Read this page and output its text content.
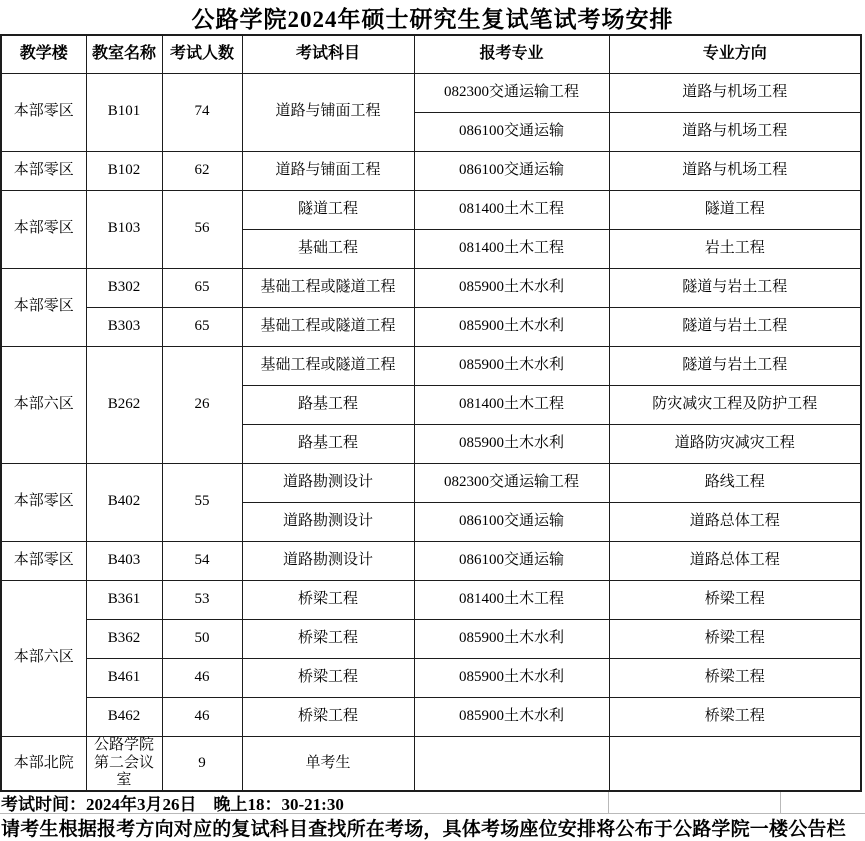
公路学院2024年硕士研究生复试笔试考场安排
教学楼	教室名称	考试人数	考试科目	报考专业	专业方向
本部零区	B101	74	道路与铺面工程	082300交通运输工程	道路与机场工程
				086100交通运输	道路与机场工程
本部零区	B102	62	道路与铺面工程	086100交通运输	道路与机场工程
本部零区	B103	56	隧道工程	081400土木工程	隧道工程
			基础工程	081400土木工程	岩土工程
本部零区	B302	65	基础工程或隧道工程	085900土木水利	隧道与岩土工程
	B303	65	基础工程或隧道工程	085900土木水利	隧道与岩土工程
本部六区	B262	26	基础工程或隧道工程	085900土木水利	隧道与岩土工程
			路基工程	081400土木工程	防灾减灾工程及防护工程
			路基工程	085900土木水利	道路防灾减灾工程
本部零区	B402	55	道路勘测设计	082300交通运输工程	路线工程
			道路勘测设计	086100交通运输	道路总体工程
本部零区	B403	54	道路勘测设计	086100交通运输	道路总体工程
本部六区	B361	53	桥梁工程	081400土木工程	桥梁工程
	B362	50	桥梁工程	085900土木水利	桥梁工程
	B461	46	桥梁工程	085900土木水利	桥梁工程
	B462	46	桥梁工程	085900土木水利	桥梁工程
本部北院	公路学院第二会议室	9	单考生		
考试时间：2024年3月26日　晚上18：30-21:30
请考生根据报考方向对应的复试科目查找所在考场，具体考场座位安排将公布于公路学院一楼公告栏
